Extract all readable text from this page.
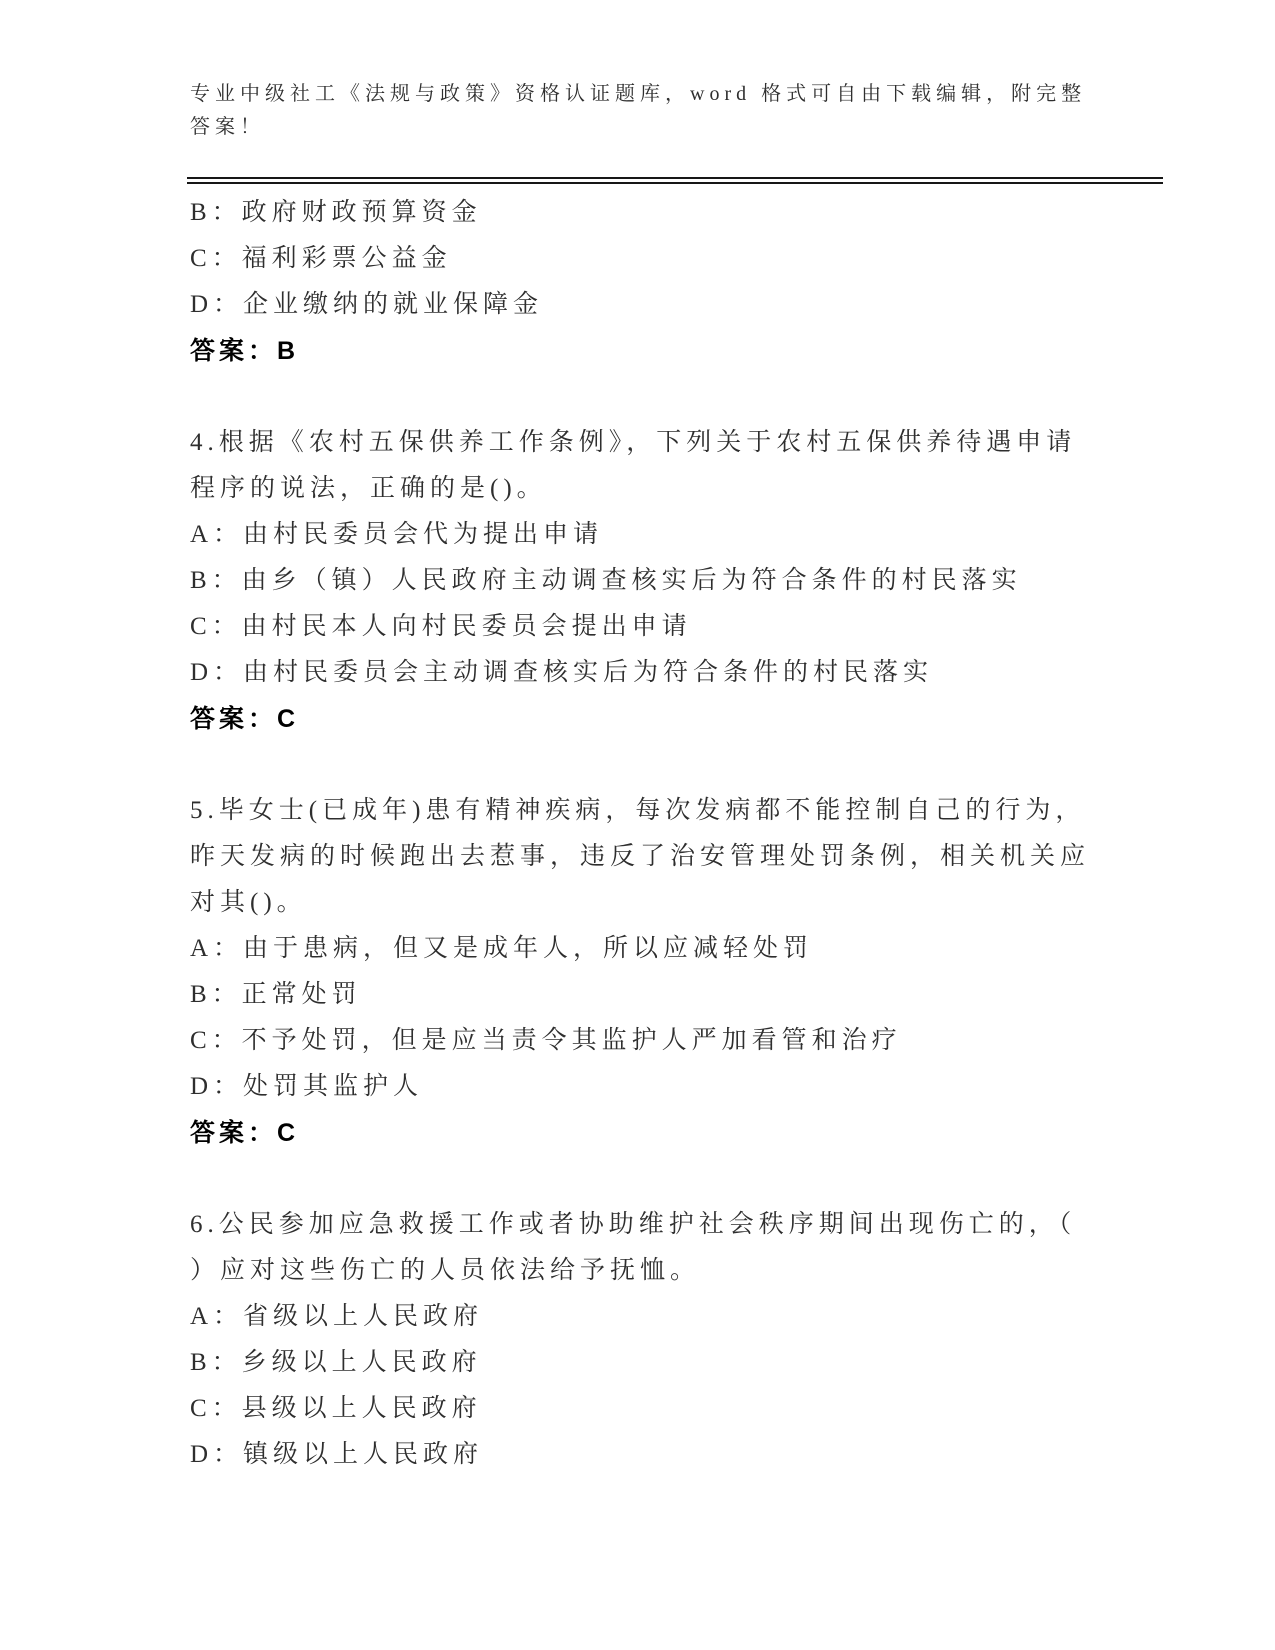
专业中级社工《法规与政策》资格认证题库，word 格式可自由下载编辑，附完整
答案！
B：政府财政预算资金
C：福利彩票公益金
D：企业缴纳的就业保障金
答案：B
4.根据《农村五保供养工作条例》，下列关于农村五保供养待遇申请
程序的说法，正确的是()。
A：由村民委员会代为提出申请
B：由乡（镇）人民政府主动调查核实后为符合条件的村民落实
C：由村民本人向村民委员会提出申请
D：由村民委员会主动调查核实后为符合条件的村民落实
答案：C
5.毕女士(已成年)患有精神疾病，每次发病都不能控制自己的行为，
昨天发病的时候跑出去惹事，违反了治安管理处罚条例，相关机关应
对其()。
A：由于患病，但又是成年人，所以应减轻处罚
B：正常处罚
C：不予处罚，但是应当责令其监护人严加看管和治疗
D：处罚其监护人
答案：C
6.公民参加应急救援工作或者协助维护社会秩序期间出现伤亡的，（
）应对这些伤亡的人员依法给予抚恤。
A：省级以上人民政府
B：乡级以上人民政府
C：县级以上人民政府
D：镇级以上人民政府
